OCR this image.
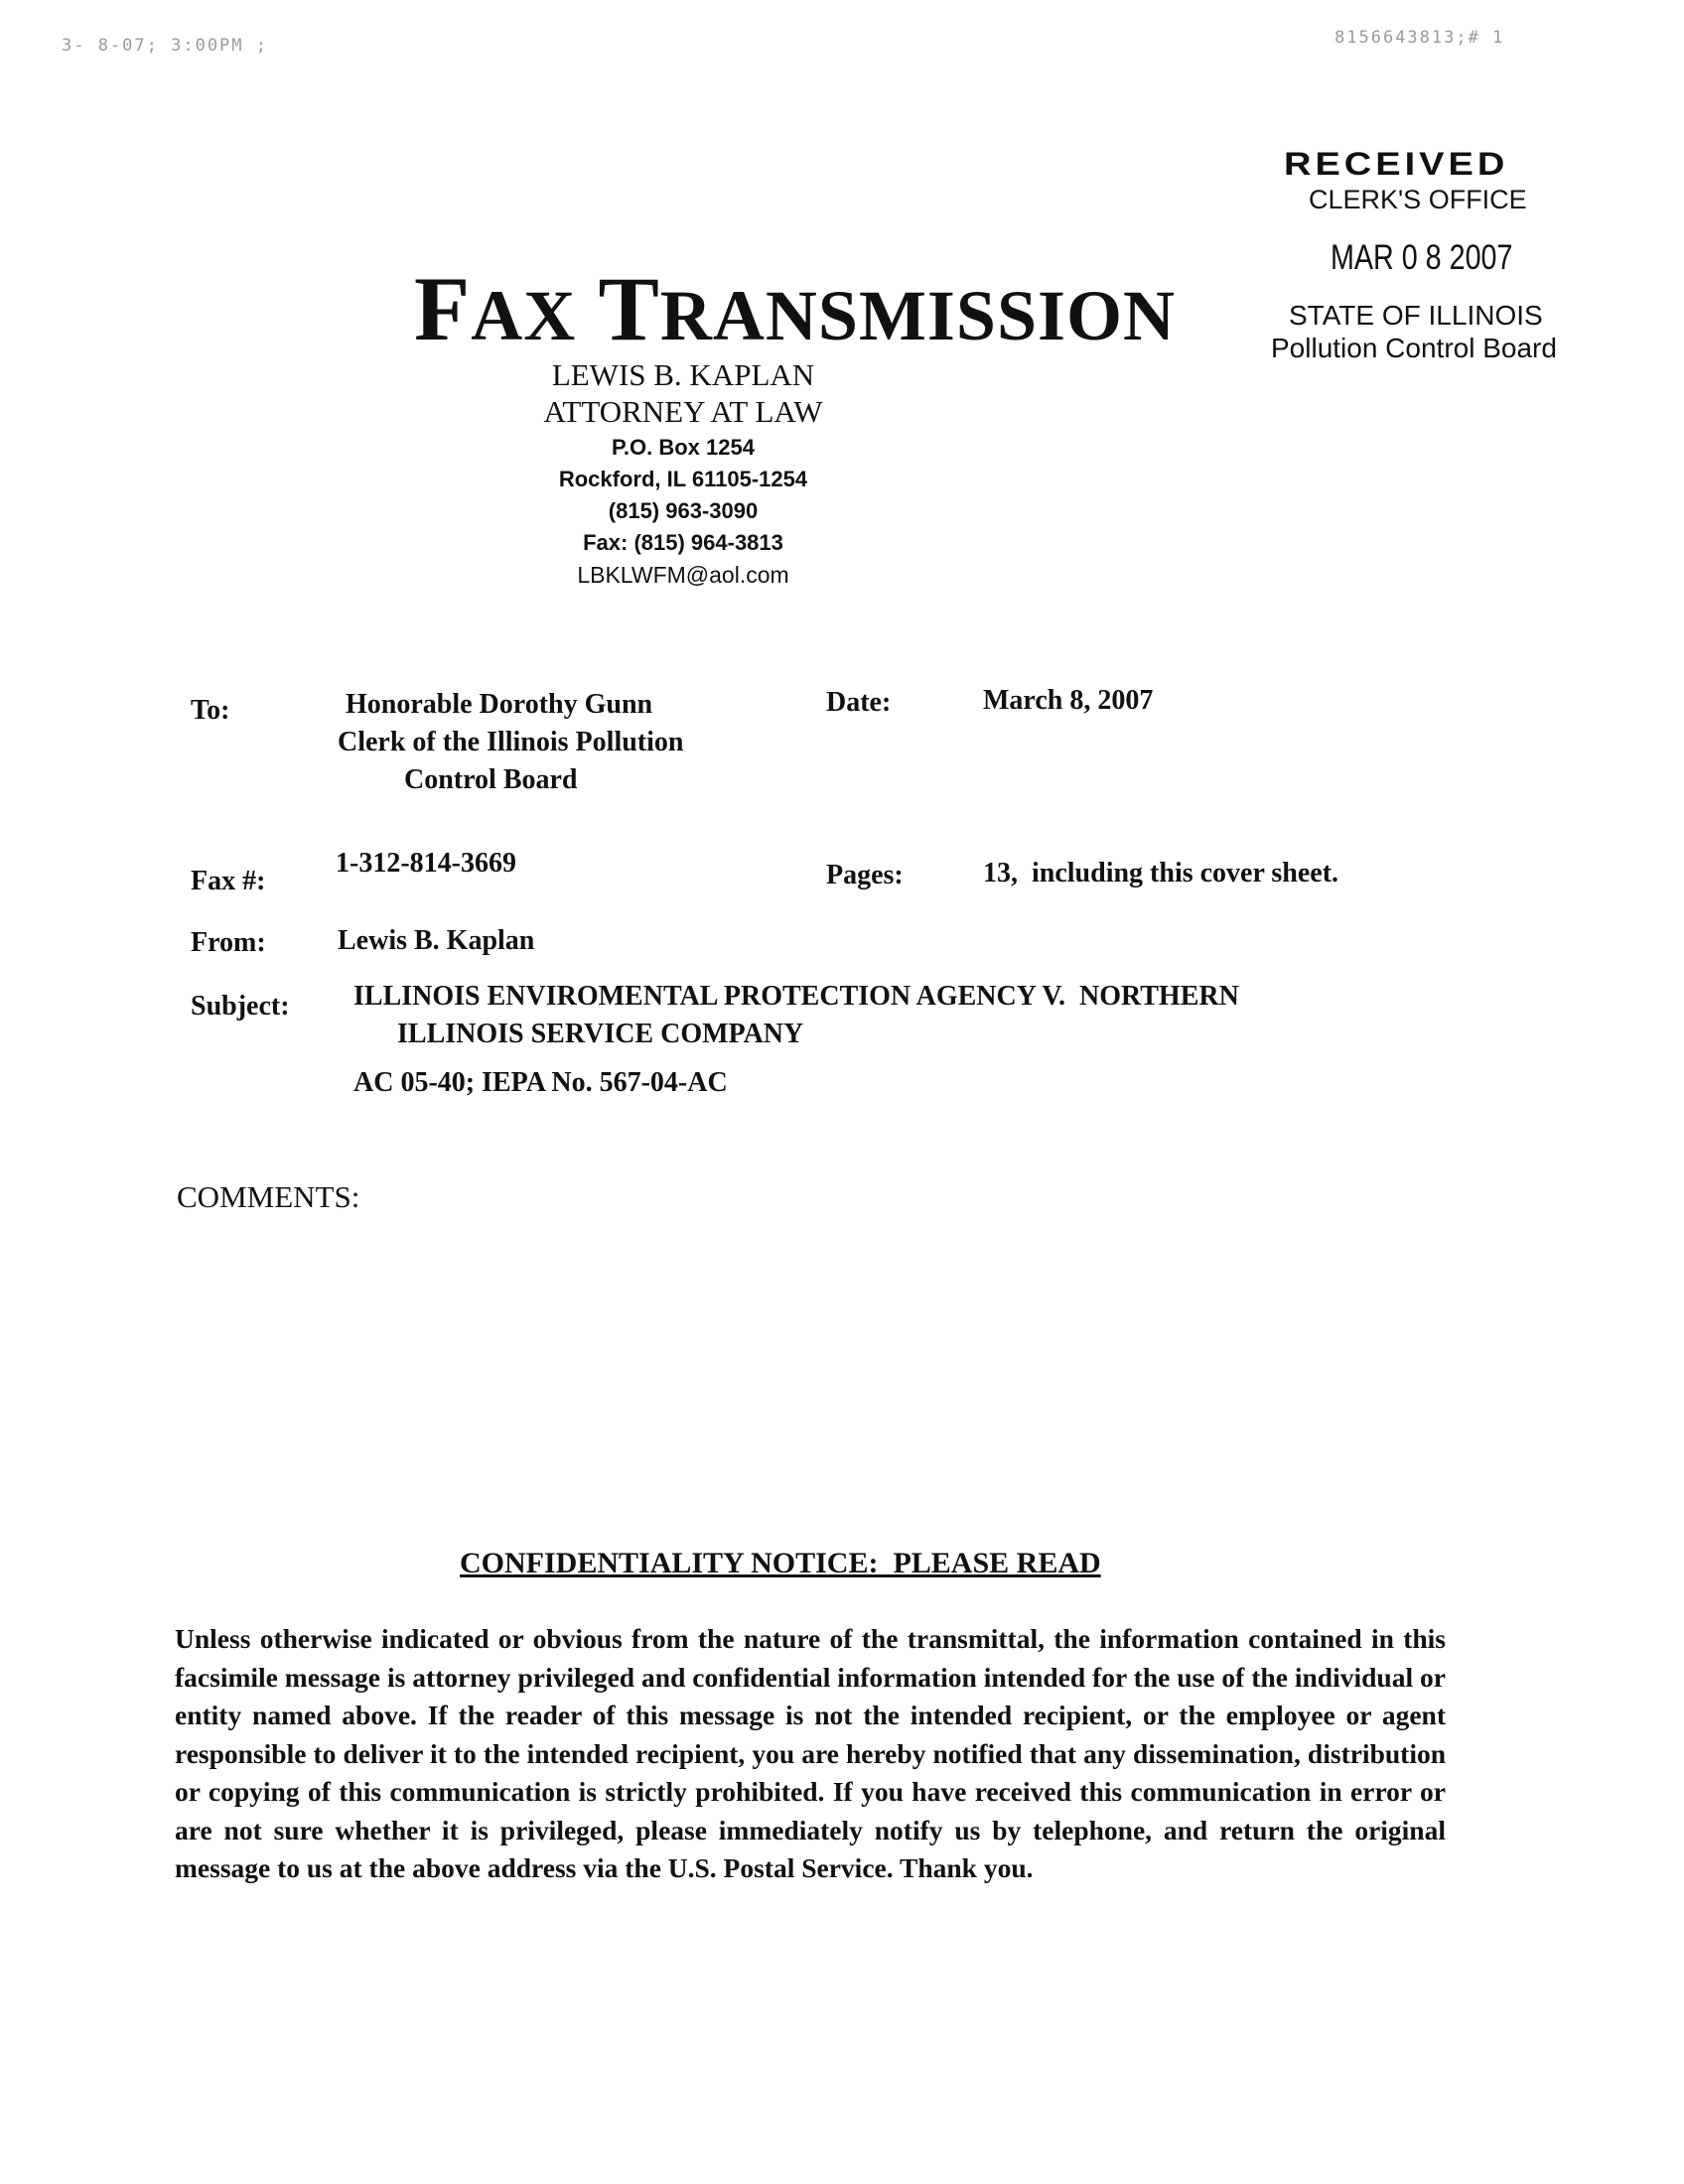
3- 8-07; 3:00PM ;	8156643813;# 1
RECEIVED
CLERK'S OFFICE
MAR 0 8 2007
STATE OF ILLINOIS
Pollution Control Board
FAX TRANSMISSION
LEWIS B. KAPLAN
ATTORNEY AT LAW
P.O. Box 1254
Rockford, IL 61105-1254
(815) 963-3090
Fax: (815) 964-3813
LBKLWFM@aol.com
To:	Honorable Dorothy Gunn
Clerk of the Illinois Pollution
Control Board
Date:	March 8, 2007
Fax #:
1-312-814-3669	Pages:	13,  including this cover sheet.
From:	Lewis B. Kaplan
Subject: ILLINOIS ENVIROMENTAL PROTECTION AGENCY V.  NORTHERN
ILLINOIS SERVICE COMPANY
AC 05-40; IEPA No. 567-04-AC
COMMENTS:
CONFIDENTIALITY NOTICE:  PLEASE READ
Unless otherwise indicated or obvious from the nature of the transmittal, the information contained in this facsimile message is attorney privileged and confidential information intended for the use of the individual or entity named above. If the reader of this message is not the intended recipient, or the employee or agent responsible to deliver it to the intended recipient, you are hereby notified that any dissemination, distribution or copying of this communication is strictly prohibited. If you have received this communication in error or are not sure whether it is privileged, please immediately notify us by telephone, and return the original message to us at the above address via the U.S. Postal Service. Thank you.
